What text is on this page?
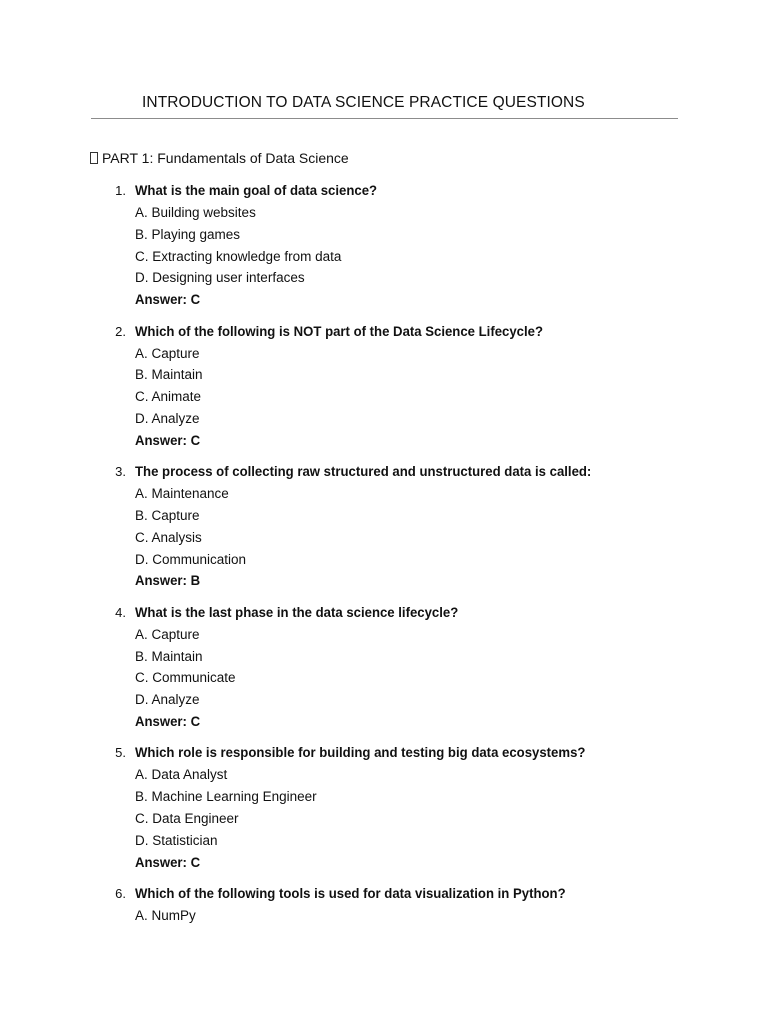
INTRODUCTION TO DATA SCIENCE PRACTICE QUESTIONS
PART 1: Fundamentals of Data Science
1. What is the main goal of data science?
A. Building websites
B. Playing games
C. Extracting knowledge from data
D. Designing user interfaces
Answer: C
2. Which of the following is NOT part of the Data Science Lifecycle?
A. Capture
B. Maintain
C. Animate
D. Analyze
Answer: C
3. The process of collecting raw structured and unstructured data is called:
A. Maintenance
B. Capture
C. Analysis
D. Communication
Answer: B
4. What is the last phase in the data science lifecycle?
A. Capture
B. Maintain
C. Communicate
D. Analyze
Answer: C
5. Which role is responsible for building and testing big data ecosystems?
A. Data Analyst
B. Machine Learning Engineer
C. Data Engineer
D. Statistician
Answer: C
6. Which of the following tools is used for data visualization in Python?
A. NumPy
